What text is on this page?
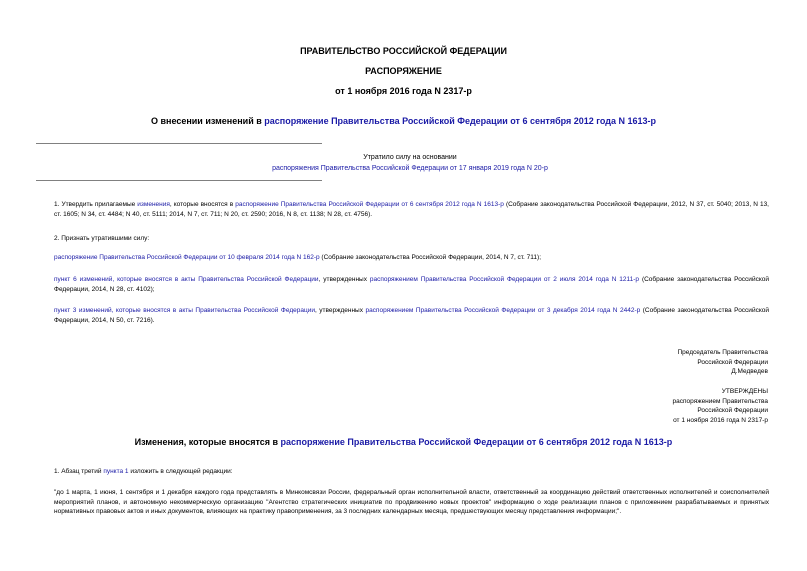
ПРАВИТЕЛЬСТВО РОССИЙСКОЙ ФЕДЕРАЦИИ
РАСПОРЯЖЕНИЕ
от 1 ноября 2016 года N 2317-р
О внесении изменений в распоряжение Правительства Российской Федерации от 6 сентября 2012 года N 1613-р
Утратило силу на основании
распоряжения Правительства Российской Федерации от 17 января 2019 года N 20-р
1. Утвердить прилагаемые изменения, которые вносятся в распоряжение Правительства Российской Федерации от 6 сентября 2012 года N 1613-р (Собрание законодательства Российской Федерации, 2012, N 37, ст. 5040; 2013, N 13, ст. 1605; N 34, ст. 4484; N 40, ст. 5111; 2014, N 7, ст. 711; N 20, ст. 2590; 2016, N 8, ст. 1138; N 28, ст. 4756).
2. Признать утратившими силу:
распоряжение Правительства Российской Федерации от 10 февраля 2014 года N 162-р (Собрание законодательства Российской Федерации, 2014, N 7, ст. 711);
пункт 6 изменений, которые вносятся в акты Правительства Российской Федерации, утвержденных распоряжением Правительства Российской Федерации от 2 июля 2014 года N 1211-р (Собрание законодательства Российской Федерации, 2014, N 28, ст. 4102);
пункт 3 изменений, которые вносятся в акты Правительства Российской Федерации, утвержденных распоряжением Правительства Российской Федерации от 3 декабря 2014 года N 2442-р (Собрание законодательства Российской Федерации, 2014, N 50, ст. 7216).
Председатель Правительства
Российской Федерации
Д.Медведев
УТВЕРЖДЕНЫ
распоряжением Правительства
Российской Федерации
от 1 ноября 2016 года N 2317-р
Изменения, которые вносятся в распоряжение Правительства Российской Федерации от 6 сентября 2012 года N 1613-р
1. Абзац третий пункта 1 изложить в следующей редакции:
"до 1 марта, 1 июня, 1 сентября и 1 декабря каждого года представлять в Минкомсвязи России, федеральный орган исполнительной власти, ответственный за координацию действий ответственных исполнителей и соисполнителей мероприятий планов, и автономную некоммерческую организацию "Агентство стратегических инициатив по продвижению новых проектов" информацию о ходе реализации планов с приложением разрабатываемых и принятых нормативных правовых актов и иных документов, влияющих на практику правоприменения, за 3 последних календарных месяца, предшествующих месяцу представления информации;".
